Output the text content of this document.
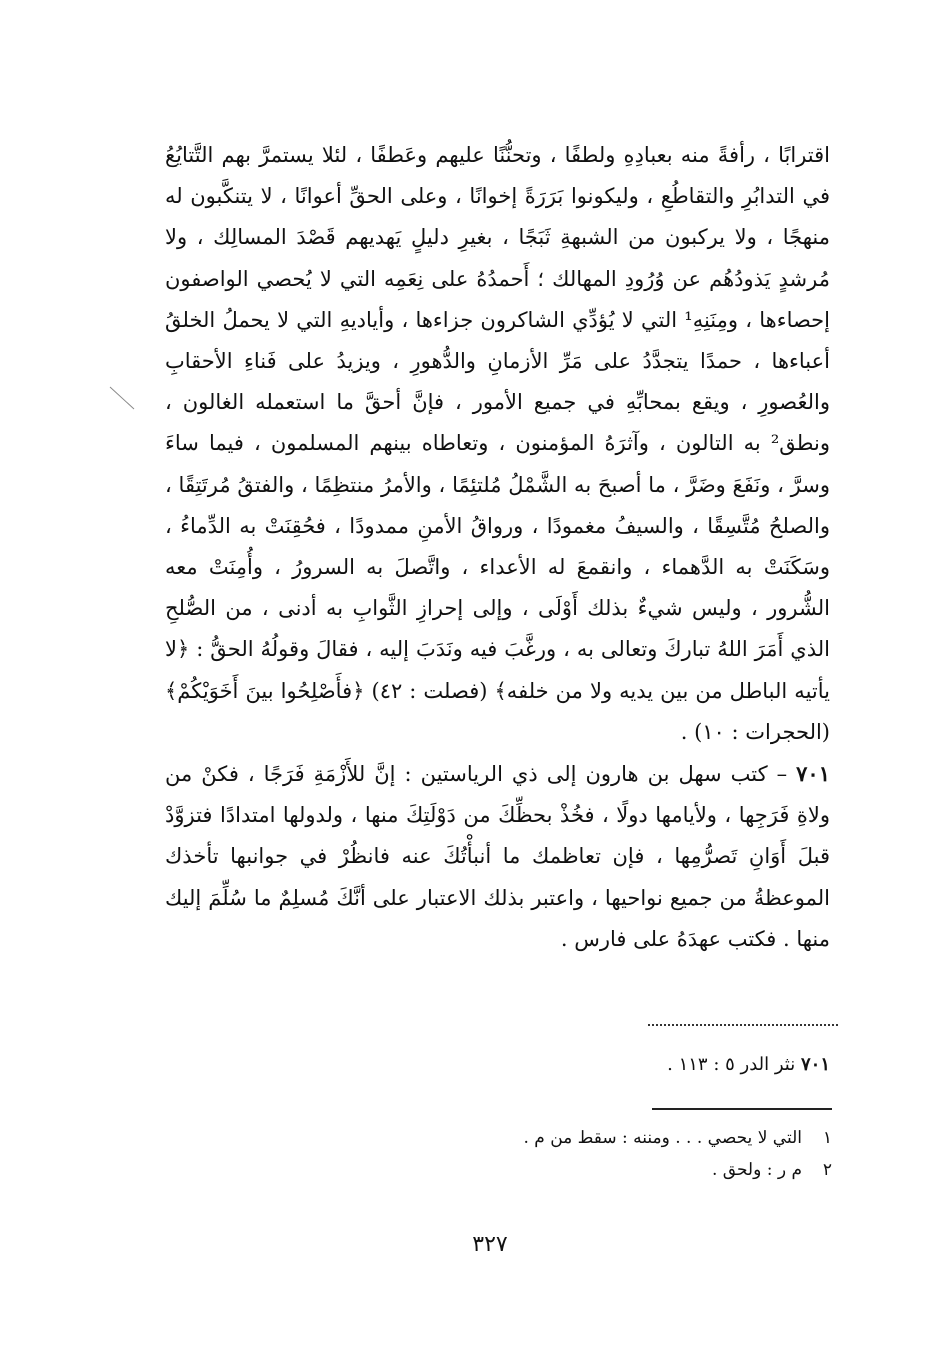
اقترابًا ، رأفةً منه بعبادِهِ ولطفًا ، وتحنُّنًا عليهم وعَطفًا ، لئلا يستمرَّ بهم التَّتايُعُ في التدابُرِ والتقاطُعِ ، وليكونوا بَرَرَةً إخوانًا ، وعلى الحقِّ أعوانًا ، لا يتنكَّبون له منهجًا ، ولا يركبون من الشبهةِ ثَبَجًا ، بغيرِ دليلٍ يَهديهم قَصْدَ المسالِك ، ولا مُرشدٍ يَذودُهُم عن وُرُودِ المهالك ؛ أَحمدُهُ على نِعَمِه التي لا يُحصي الواصفون إحصاءها ، ومِنَنِهِ¹ التي لا يُؤدِّي الشاكرون جزاءها ، وأياديهِ التي لا يحملُ الخلقُ أعباءها ، حمدًا يتجدَّدُ على مَرِّ الأزمانِ والدُّهورِ ، ويزيدُ على فَناءِ الأحقابِ والعُصورِ ، ويقع بمحابِّهِ في جميع الأمور ، فإنَّ أحقَّ ما استعمله الغالون ، ونطق² به التالون ، وآثرَهُ المؤمنون ، وتعاطاه بينهم المسلمون ، فيما ساءَ وسرَّ ، ونَفَعَ وضَرَّ ، ما أصبحَ به الشَّمْلُ مُلتئِمًا ، والأمرُ منتظِمًا ، والفتقُ مُرتَتِقًا ، والصلحُ مُتَّسِقًا ، والسيفُ مغمودًا ، ورواقُ الأمنِ ممدودًا ، فحُقِنَتْ به الدِّماءُ ، وسَكَنَتْ به الدَّهماء ، وانقمعَ له الأعداء ، واتَّصلَ به السرورُ ، وأُمِنَتْ معه الشُّرور ، وليس شيءٌ بذلك أَوْلَى ، وإلى إحرازِ الثَّوابِ به أدنى ، من الصُّلحِ الذي أَمَرَ اللهُ تباركَ وتعالى به ، ورغَّبَ فيه ونَدَبَ إليه ، فقالَ وقولُهُ الحقُّ : ﴿لا يأتيه الباطل من بين يديه ولا من خلفه﴾ (فصلت : ٤٢) ﴿فأَصْلِحُوا بينَ أَخَوَيْكُمْ﴾ (الحجرات : ١٠) .

٧٠١ – كتب سهل بن هارون إلى ذي الرياستين : إنَّ للأَزْمَةِ فَرَجًا ، فكنْ من ولاةِ فَرَجِها ، ولأيامها دولًا ، فخُذْ بحظِّكَ من دَوْلَتِكَ منها ، ولدولها امتدادًا فتزوَّدْ قبلَ أَوَانِ تَصرُّمِها ، فإن تعاظمك ما أنبأْتُكَ عنه فانظُرْ في جوانبها تأخذك الموعظةُ من جميع نواحيها ، واعتبر بذلك الاعتبار على أنَّكَ مُسلِمٌ ما سُلِّمَ إليك منها . فكتب عهدَهُ على فارس .

٧٠١ نثر الدر ٥ : ١١٣ .

١التي لا يحصي . . . ومننه : سقط من م .

٢م ر : ولحق .

٣٢٧
